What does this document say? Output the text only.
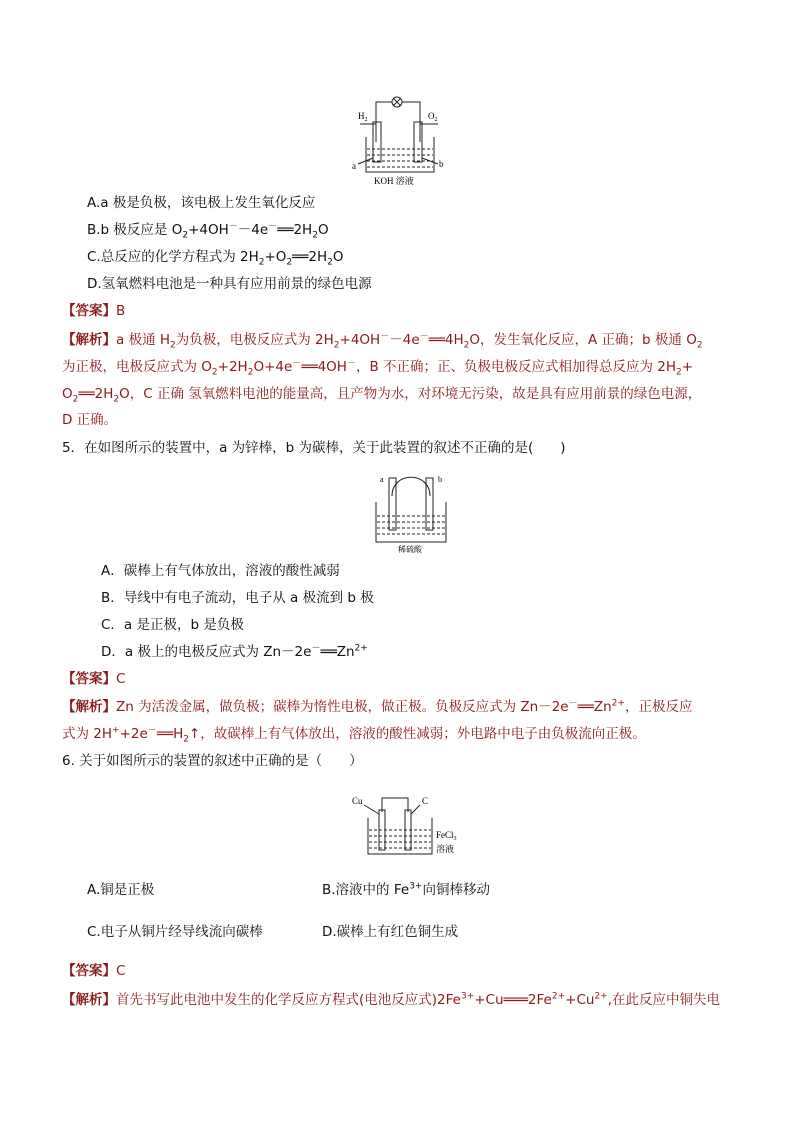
$H_2$	$O_2$
a	b
KOH 溶液
A.a 极是负极，该电极上发生氧化反应
B.b 极反应是 $O_2+4OH^--4e^-══2H_2O$
C.总反应的化学方程式为 $2H_2+O_2══2H_2O$
D.氢氧燃料电池是一种具有应用前景的绿色电源
【答案】B
【解析】a 极通 $H_2$为负极，电极反应式为 $2H_2+4OH^--4e^-══4H_2O$，发生氧化反应，A 正确；b 极通 $O_2$
为正极，电极反应式为 $O_2+2H_2O+4e^-══4OH^-$，B 不正确；正、负极电极反应式相加得总反应为 $2H_2+$
$O_2══2H_2O$，C 正确 氢氧燃料电池的能量高，且产物为水，对环境无污染，故是具有应用前景的绿色电源，
D 正确。
5．在如图所示的装置中，a 为锌棒，b 为碳棒，关于此装置的叙述不正确的是(　　)
a	b
稀硫酸
A．碳棒上有气体放出，溶液的酸性减弱
B．导线中有电子流动，电子从 a 极流到 b 极
C．a 是正极，b 是负极
D．a 极上的电极反应式为 $Zn-2e^-══Zn^{2+}$
【答案】C
【解析】Zn 为活泼金属，做负极；碳棒为惰性电极，做正极。负极反应式为 $Zn-2e^-══Zn^{2+}$，正极反应
式为 $2H^++2e^-══H_2↑$，故碳棒上有气体放出，溶液的酸性减弱；外电路中电子由负极流向正极。
6. 关于如图所示的装置的叙述中正确的是（　　）
Cu	C
FeCl$_3$
溶液
A.铜是正极	B.溶液中的 $Fe^{3+}$向铜棒移动
C.电子从铜片经导线流向碳棒	D.碳棒上有红色铜生成
【答案】C
【解析】首先书写此电池中发生的化学反应方程式(电池反应式)$2Fe^{3+}+Cu═══2Fe^{2+}+Cu^{2+}$,在此反应中铜失电
